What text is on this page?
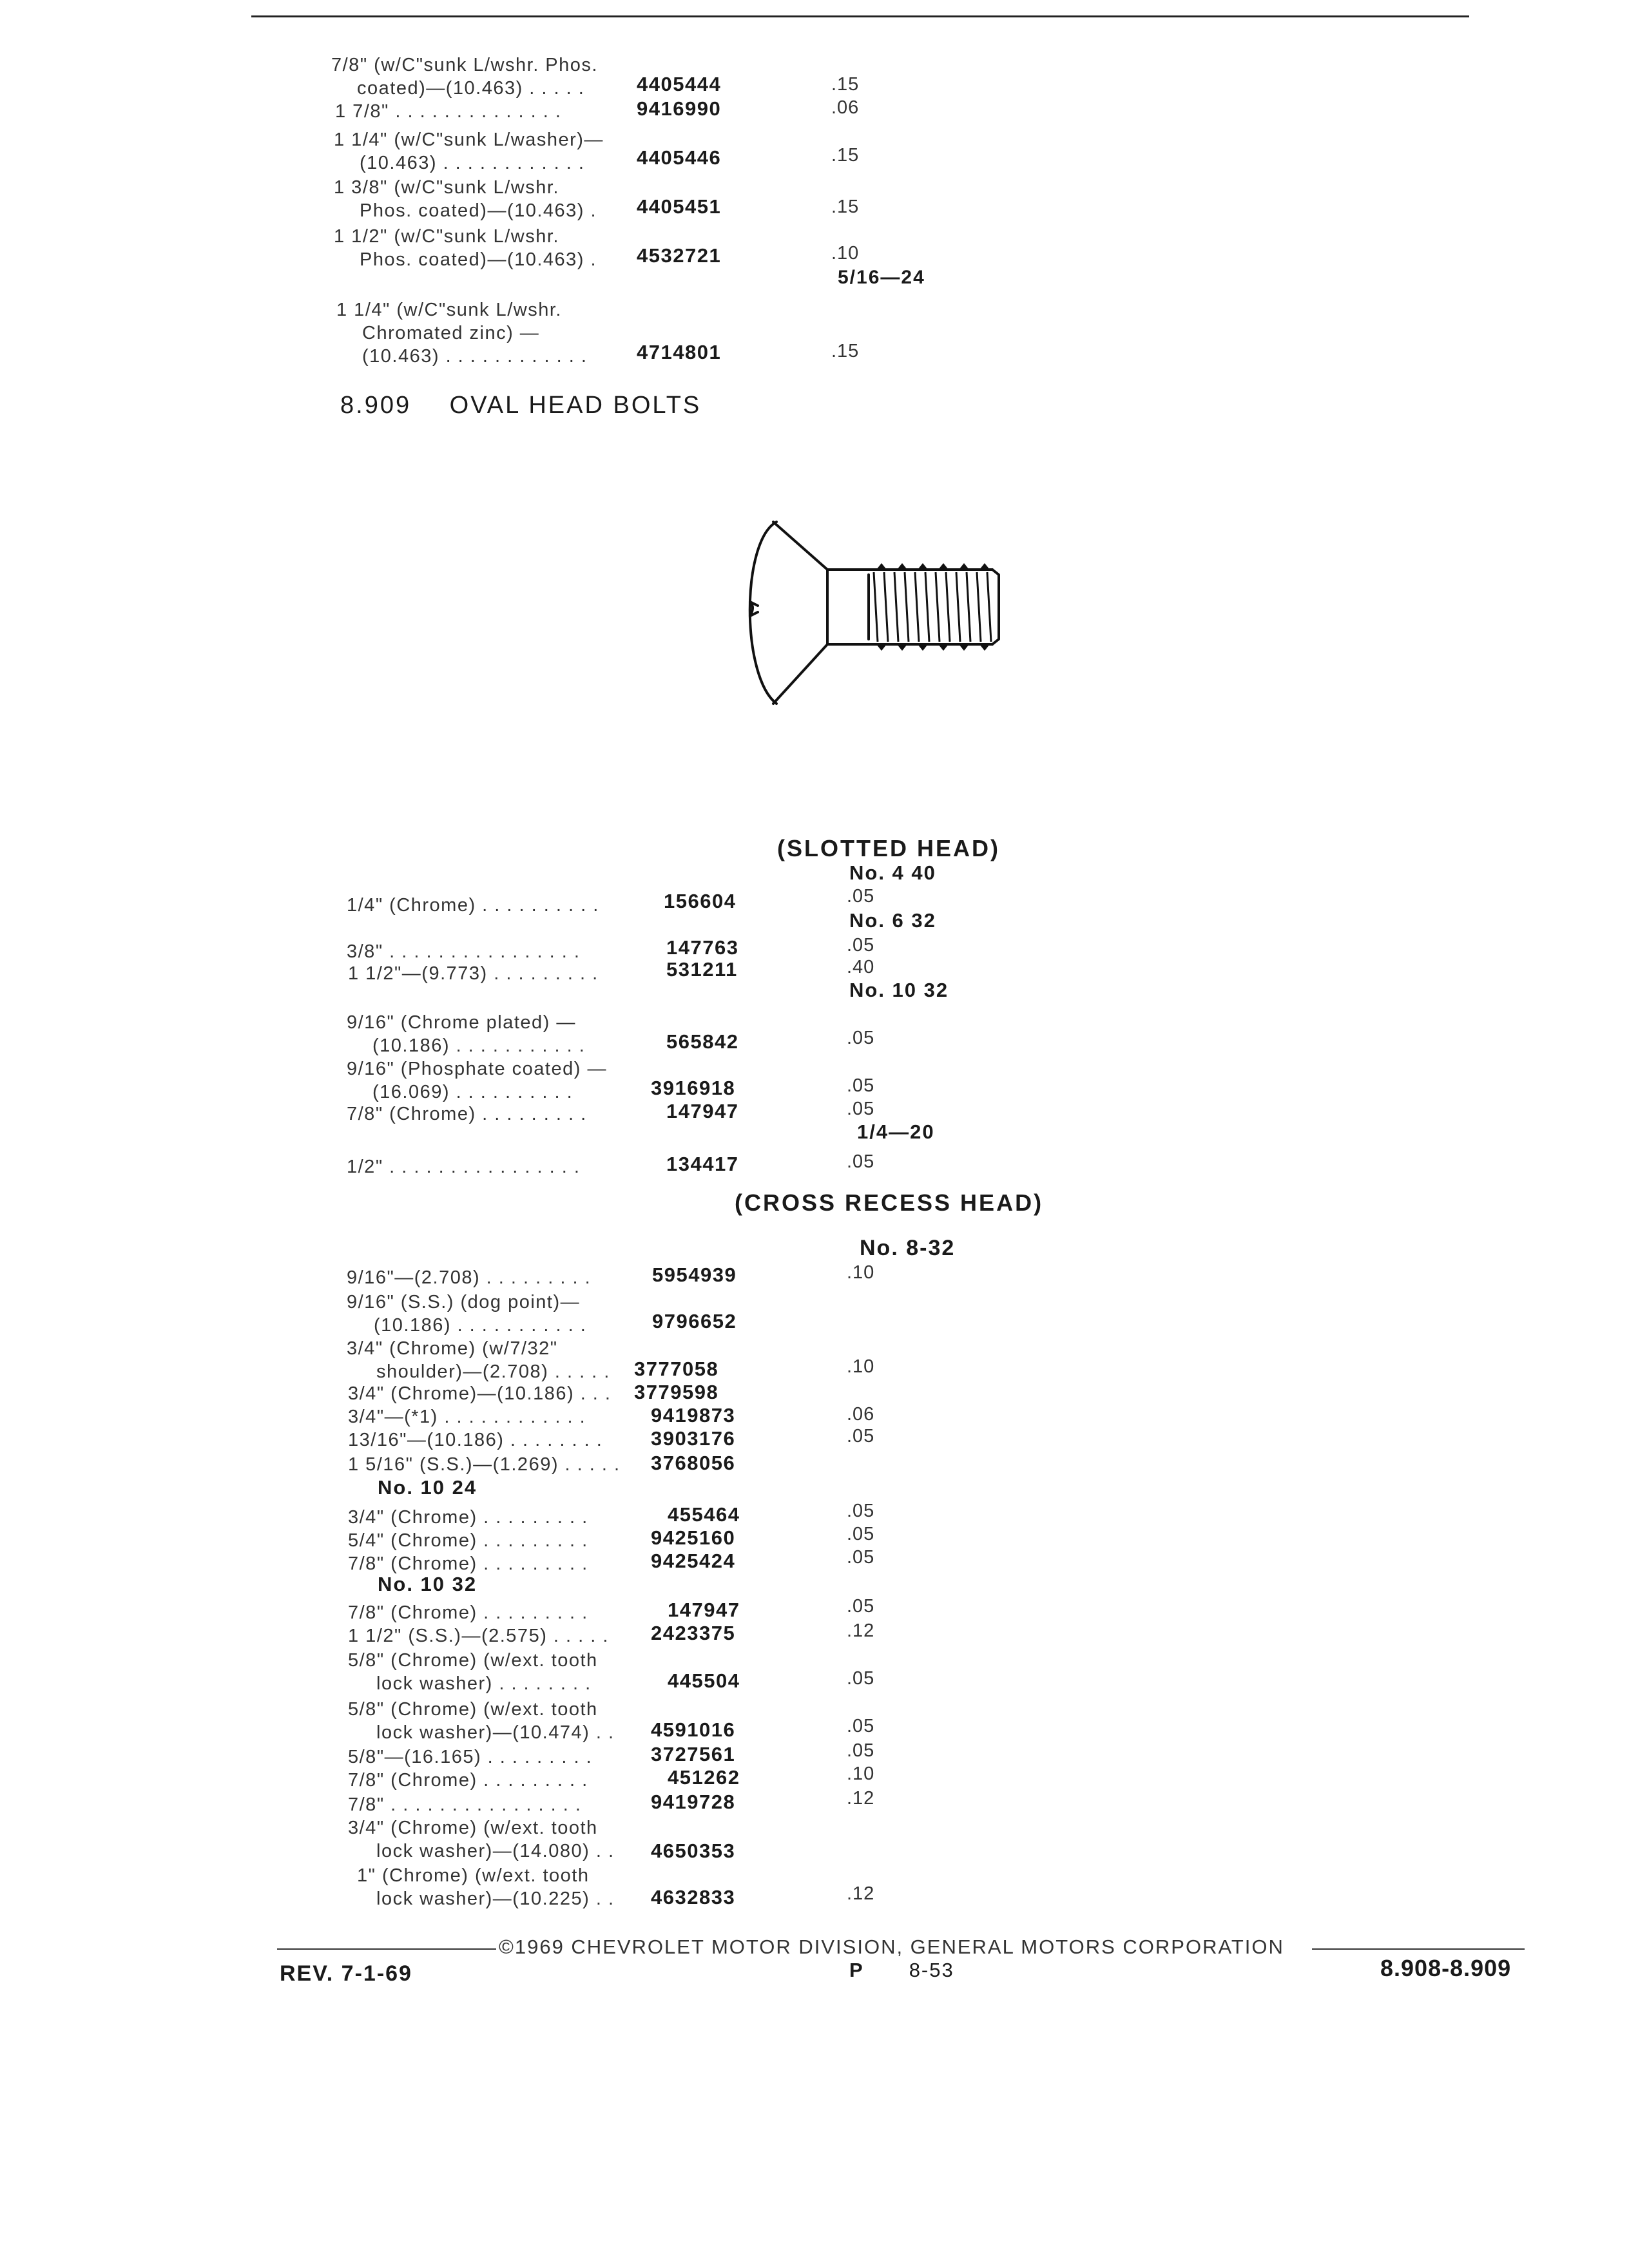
7/8" (w/C"sunk L/wshr. Phos.
coated)—(10.463) . . . . .	4405444	.15
1 7/8" . . . . . . . . . . . . . .	9416990	.06
1 1/4" (w/C"sunk L/washer)—
(10.463) . . . . . . . . . . . .	4405446	.15
1 3/8" (w/C"sunk L/wshr.
Phos. coated)—(10.463) . 4405451	.15
1 1/2" (w/C"sunk L/wshr.
Phos. coated)—(10.463) . 4532721	.10
5/16—24
1 1/4" (w/C"sunk L/wshr.
Chromated zinc) —
(10.463) . . . . . . . . . . . . 4714801	.15
8.909 OVAL HEAD BOLTS
(SLOTTED HEAD)
No. 4 40
1/4" (Chrome) . . . . . . . . . .	156604	.05
No. 6 32
3/8" . . . . . . . . . . . . . . . .	147763	.05
1 1/2"—(9.773) . . . . . . . . .	531211	.40
No. 10 32
9/16" (Chrome plated) —
(10.186) . . . . . . . . . . .	565842	.05
9/16" (Phosphate coated) —
(16.069) . . . . . . . . . .	3916918	.05
7/8" (Chrome) . . . . . . . . .	147947	.05
1/4—20
1/2" . . . . . . . . . . . . . . . .	134417	.05
(CROSS RECESS HEAD)
No. 8-32
9/16"—(2.708) . . . . . . . . .	5954939	.10
9/16" (S.S.) (dog point)—
(10.186) . . . . . . . . . . .	9796652
3/4" (Chrome) (w/7/32"
shoulder)—(2.708) . . . . . 3777058	.10
3/4" (Chrome)—(10.186) . . . 3779598
3/4"—(*1) . . . . . . . . . . . .	9419873	.06
13/16"—(10.186) . . . . . . . . 3903176	.05
1 5/16" (S.S.)—(1.269) . . . . . 3768056
No. 10 24
3/4" (Chrome) . . . . . . . . .	455464	.05
5/4" (Chrome) . . . . . . . . .	9425160	.05
7/8" (Chrome) . . . . . . . . .	9425424	.05
No. 10 32
7/8" (Chrome) . . . . . . . . .	147947	.05
1 1/2" (S.S.)—(2.575) . . . . . 2423375	.12
5/8" (Chrome) (w/ext. tooth
lock washer) . . . . . . . .	445504	.05
5/8" (Chrome) (w/ext. tooth
lock washer)—(10.474) . . 4591016	.05
5/8"—(16.165) . . . . . . . . .	3727561	.05
7/8" (Chrome) . . . . . . . . .	451262	.10
7/8" . . . . . . . . . . . . . . . .	9419728	.12
3/4" (Chrome) (w/ext. tooth
lock washer)—(14.080) . . 4650353
1" (Chrome) (w/ext. tooth
lock washer)—(10.225) . . 4632833	.12
©1969 CHEVROLET MOTOR DIVISION, GENERAL MOTORS CORPORATION
REV. 7-1-69	P 8-53	8.908-8.909
